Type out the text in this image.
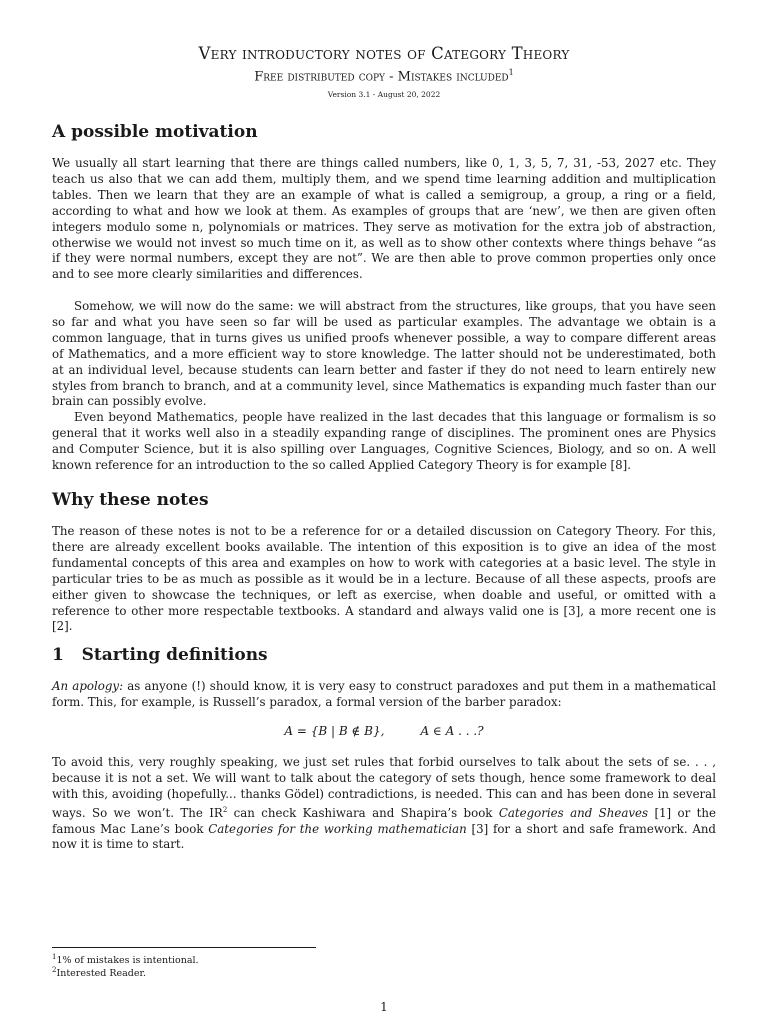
Very introductory notes of Category Theory
Free distributed copy - Mistakes included$^1$
Version 3.1 - August 20, 2022
A possible motivation

We usually all start learning that there are things called numbers, like 0, 1, 3, 5, 7, 31, -53, 2027 etc. They teach us also that we can add them, multiply them, and we spend time learning addition and multiplication tables. Then we learn that they are an example of what is called a semigroup, a group, a ring or a field, according to what and how we look at them. As examples of groups that are ‘new’, we then are given often integers modulo some n, polynomials or matrices. They serve as motivation for the extra job of abstraction, otherwise we would not invest so much time on it, as well as to show other contexts where things behave “as if they were normal numbers, except they are not”. We are then able to prove common properties only once and to see more clearly similarities and differences.

Somehow, we will now do the same: we will abstract from the structures, like groups, that you have seen so far and what you have seen so far will be used as particular examples. The advantage we obtain is a common language, that in turns gives us unified proofs whenever possible, a way to compare different areas of Mathematics, and a more efficient way to store knowledge. The latter should not be underestimated, both at an individual level, because students can learn better and faster if they do not need to learn entirely new styles from branch to branch, and at a community level, since Mathematics is expanding much faster than our brain can possibly evolve.

Even beyond Mathematics, people have realized in the last decades that this language or formalism is so general that it works well also in a steadily expanding range of disciplines. The prominent ones are Physics and Computer Science, but it is also spilling over Languages, Cognitive Sciences, Biology, and so on. A well known reference for an introduction to the so called Applied Category Theory is for example [8].

Why these notes

The reason of these notes is not to be a reference for or a detailed discussion on Category Theory. For this, there are already excellent books available. The intention of this exposition is to give an idea of the most fundamental concepts of this area and examples on how to work with categories at a basic level. The style in particular tries to be as much as possible as it would be in a lecture. Because of all these aspects, proofs are either given to showcase the techniques, or left as exercise, when doable and useful, or omitted with a reference to other more respectable textbooks. A standard and always valid one is [3], a more recent one is [2].

1   Starting definitions

An apology: as anyone (!) should know, it is very easy to construct paradoxes and put them in a mathematical form. This, for example, is Russell’s paradox, a formal version of the barber paradox:

A = {B | B ∉ B},	A ∈ A . . .?

To avoid this, very roughly speaking, we just set rules that forbid ourselves to talk about the sets of se. . . , because it is not a set. We will want to talk about the category of sets though, hence some framework to deal with this, avoiding (hopefully... thanks Gödel) contradictions, is needed. This can and has been done in several ways. So we won’t. The $IR^2$ can check Kashiwara and Shapira’s book Categories and Sheaves [1] or the famous Mac Lane’s book Categories for the working mathematician [3] for a short and safe framework. And now it is time to start.

$^1$1% of mistakes is intentional.
$^2$Interested Reader.
1
